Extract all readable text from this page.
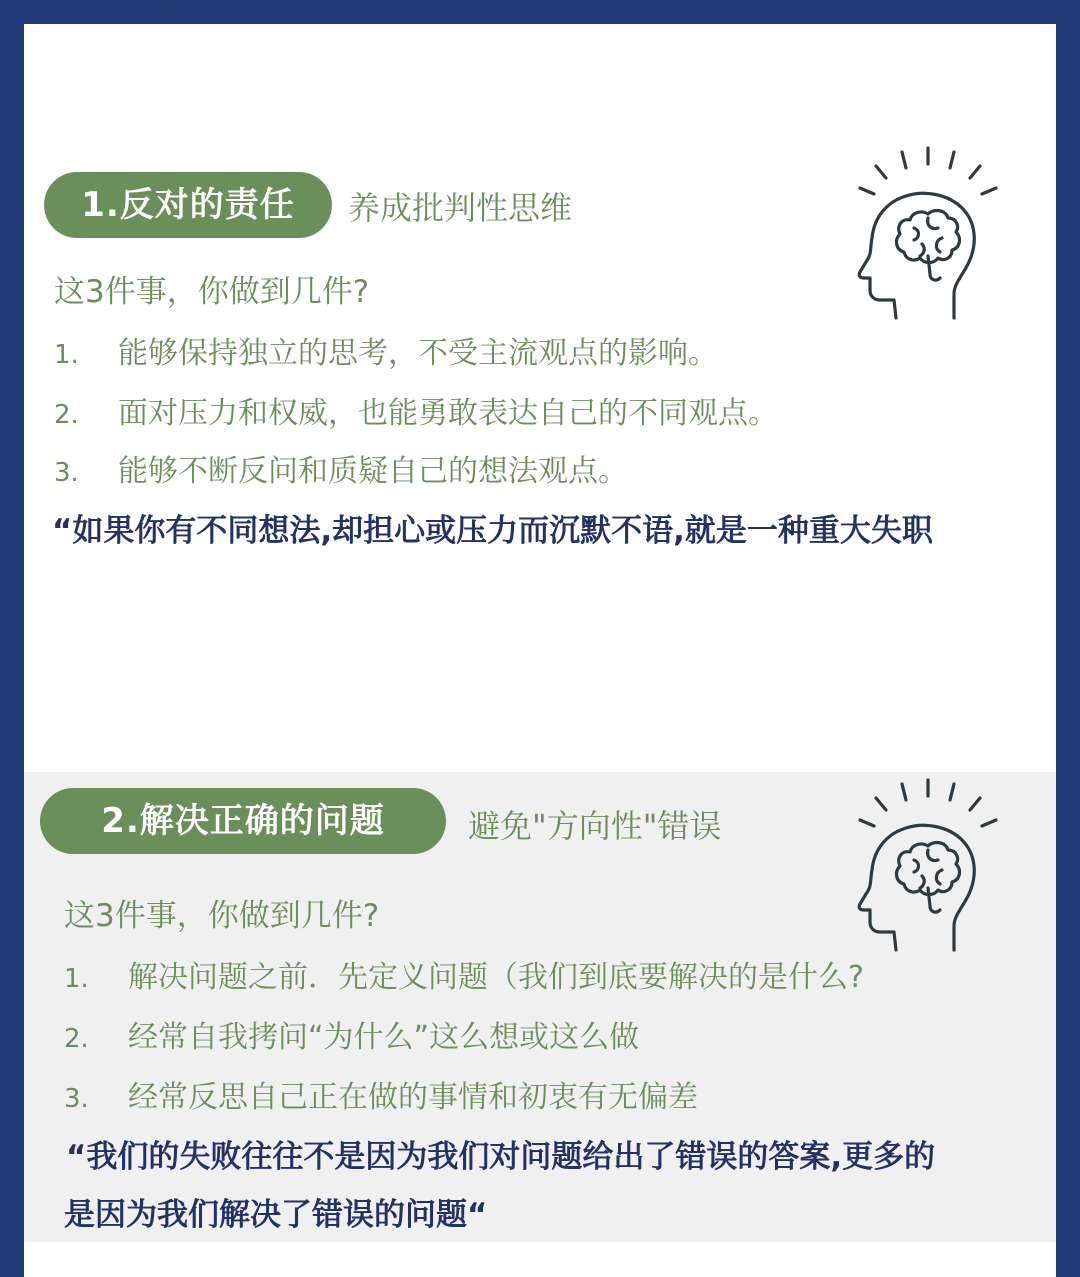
微信公众号 · 知行派
1.反对的责任	养成批判性思维
这3件事，你做到几件?
1. 能够保持独立的思考，不受主流观点的影响。
2. 面对压力和权威，也能勇敢表达自己的不同观点。
3. 能够不断反问和质疑自己的想法观点。
“如果你有不同想法,却担心或压力而沉默不语,就是一种重大失职
2.解决正确的问题	避免"方向性"错误
这3件事，你做到几件?
1. 解决问题之前．先定义问题（我们到底要解决的是什么?
2. 经常自我拷问“为什么”这么想或这么做
3. 经常反思自己正在做的事情和初衷有无偏差
“我们的失败往往不是因为我们对问题给出了错误的答案,更多的
是因为我们解决了错误的问题“
